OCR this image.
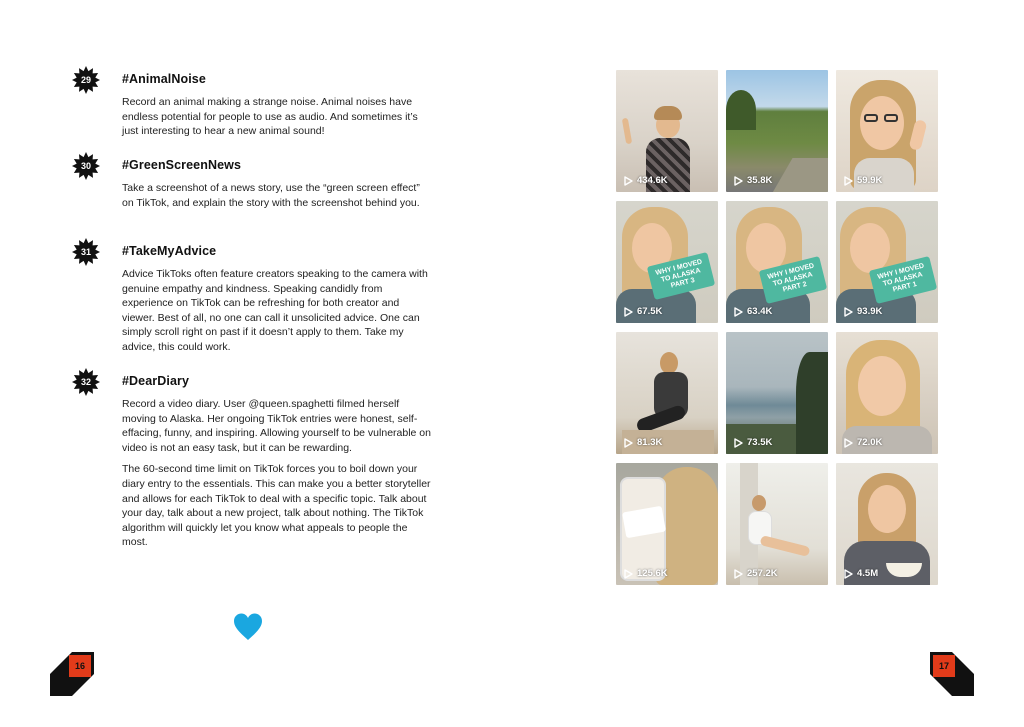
29	#AnimalNoise

Record an animal making a strange noise. Animal noises have endless potential for people to use as audio. And sometimes it’s just interesting to hear a new animal sound!

30	#GreenScreenNews

Take a screenshot of a news story, use the “green screen effect” on TikTok, and explain the story with the screenshot behind you.

31	#TakeMyAdvice

Advice TikToks often feature creators speaking to the camera with genuine empathy and kindness. Speaking candidly from experience on TikTok can be refreshing for both creator and viewer. Best of all, no one can call it unsolicited advice. One can simply scroll right on past if it doesn’t apply to them. Take my advice, this could work.

32	#DearDiary

Record a video diary. User @queen.spaghetti filmed herself moving to Alaska. Her ongoing TikTok entries were honest, self-effacing, funny, and inspiring. Allowing yourself to be vulnerable on video is not an easy task, but it can be rewarding.

The 60-second time limit on TikTok forces you to boil down your diary entry to the essentials. This can make you a better storyteller and allows for each TikTok to deal with a specific topic. Talk about your day, talk about a new project, talk about nothing. The TikTok algorithm will quickly let you know what appeals to people the most.

16	17
434.6K	35.8K	59.9K
WHY I MOVED TO ALASKA PART 3
67.5K
WHY I MOVED TO ALASKA PART 2
63.4K
WHY I MOVED TO ALASKA PART 1
93.9K
81.3K	73.5K	72.0K
125.6K	257.2K	4.5M
